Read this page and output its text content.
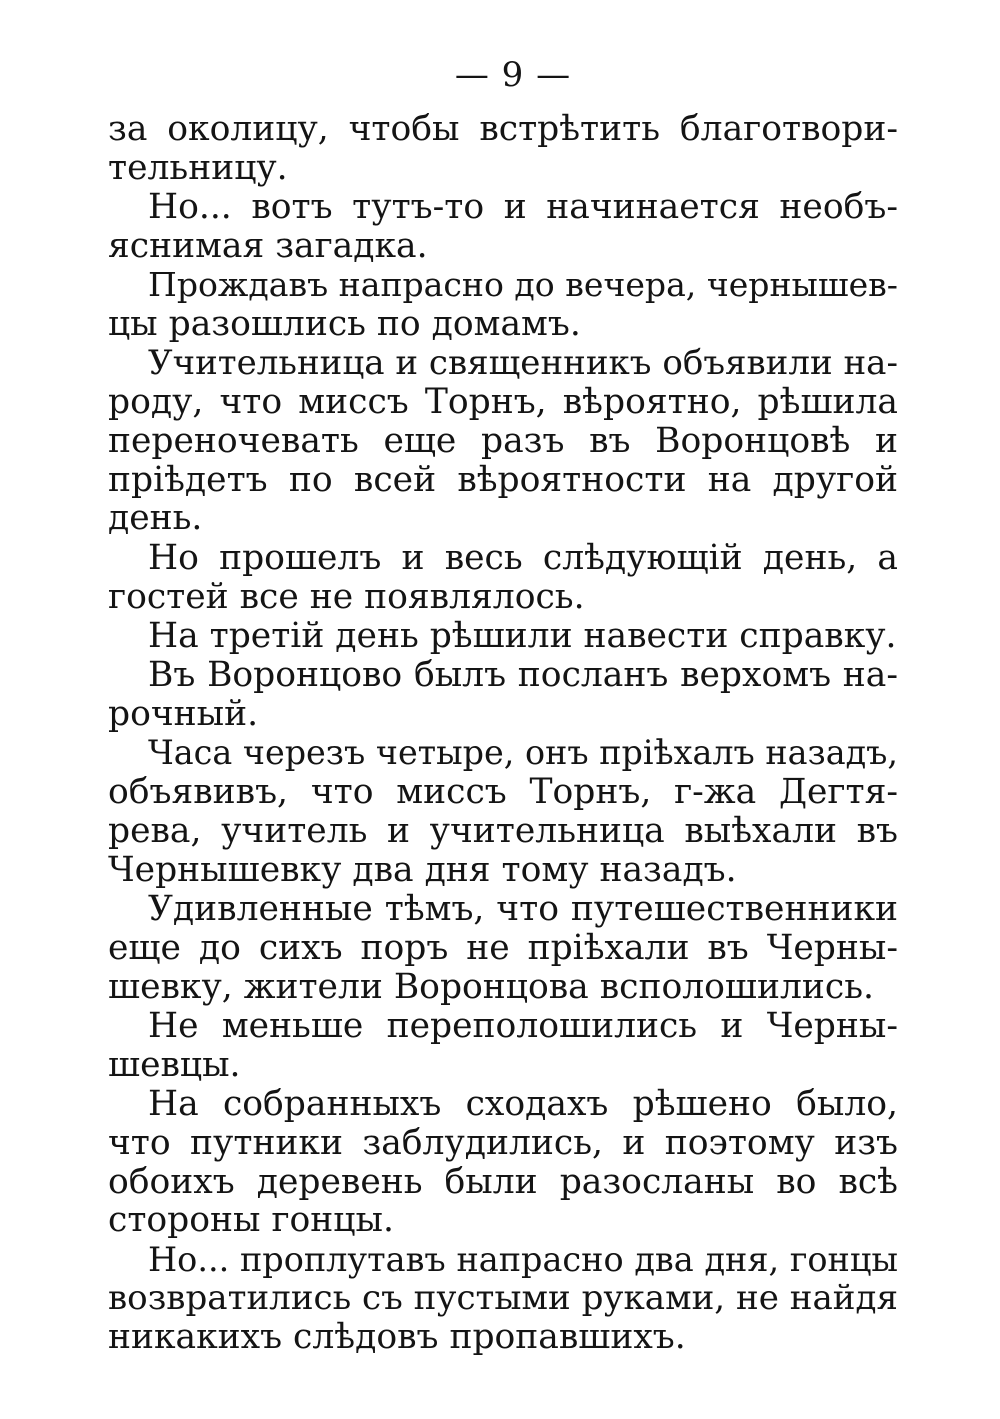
— 9 —
за околицу, чтобы встрѣтить благотвори-
тельницу.
Но... вотъ тутъ-то и начинается необъ-
яснимая загадка.
Прождавъ напрасно до вечера, чернышев-
цы разошлись по домамъ.
Учительница и священникъ объявили на-
роду, что миссъ Торнъ, вѣроятно, рѣшила
переночевать еще разъ въ Воронцовѣ и
пріѣдетъ по всей вѣроятности на другой
день.
Но прошелъ и весь слѣдующій день, а
гостей все не появлялось.
На третій день рѣшили навести справку.
Въ Воронцово былъ посланъ верхомъ на-
рочный.
Часа черезъ четыре, онъ пріѣхалъ назадъ,
объявивъ, что миссъ Торнъ, г-жа Дегтя-
рева, учитель и учительница выѣхали въ
Чернышевку два дня тому назадъ.
Удивленные тѣмъ, что путешественники
еще до сихъ поръ не пріѣхали въ Черны-
шевку, жители Воронцова всполошились.
Не меньше переполошились и Черны-
шевцы.
На собранныхъ сходахъ рѣшено было,
что путники заблудились, и поэтому изъ
обоихъ деревень были разосланы во всѣ
стороны гонцы.
Но... проплутавъ напрасно два дня, гонцы
возвратились съ пустыми руками, не найдя
никакихъ слѣдовъ пропавшихъ.
